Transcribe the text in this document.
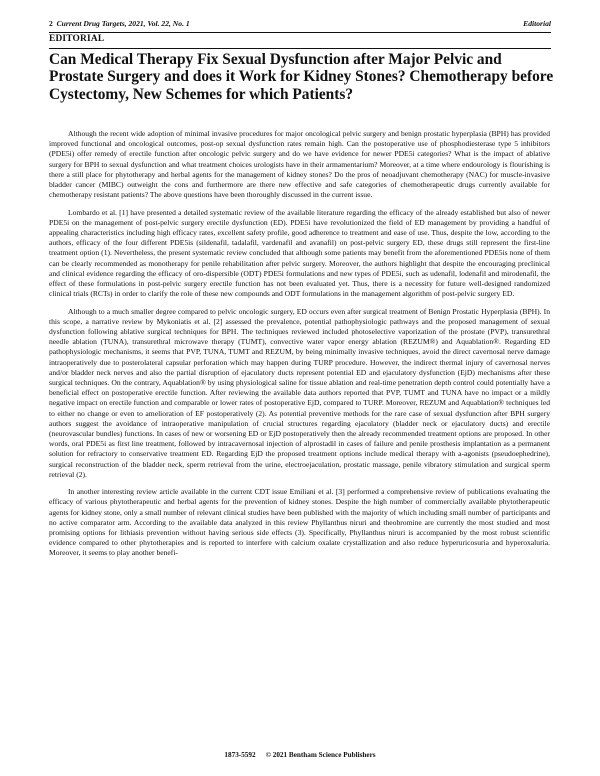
2 Current Drug Targets, 2021, Vol. 22, No. 1	Editorial
EDITORIAL
Can Medical Therapy Fix Sexual Dysfunction after Major Pelvic and Prostate Surgery and does it Work for Kidney Stones? Chemotherapy before Cystectomy, New Schemes for which Patients?

Although the recent wide adoption of minimal invasive procedures for major oncological pelvic surgery and benign prostatic hyperplasia (BPH) has provided improved functional and oncological outcomes, post-op sexual dysfunction rates remain high. Can the postoperative use of phosphodiesterase type 5 inhibitors (PDE5i) offer remedy of erectile function after oncologic pelvic surgery and do we have evidence for newer PDE5i categories? What is the impact of ablative surgery for BPH to sexual dysfunction and what treatment choices urologists have in their armamentarium? Moreover, at a time where endourology is flourishing is there a still place for phytotherapy and herbal agents for the management of kidney stones? Do the pros of neoadjuvant chemotherapy (NAC) for muscle-invasive bladder cancer (MIBC) outweight the cons and furthermore are there new effective and safe categories of chemotherapeutic drugs currently available for chemotherapy resistant patients? The above questions have been thoroughly discussed in the current issue.

Lombardo et al. [1] have presented a detailed systematic review of the available literature regarding the efficacy of the already established but also of newer PDE5i on the management of post-pelvic surgery erectile dysfunction (ED). PDE5i have revolutionized the field of ED management by providing a handful of appealing characteristics including high efficacy rates, excellent safety profile, good adherence to treatment and ease of use. Thus, despite the low, according to the authors, efficacy of the four different PDE5is (sildenafil, tadalafil, vardenafil and avanafil) on post-pelvic surgery ED, these drugs still represent the first-line treatment option (1). Nevertheless, the present systematic review concluded that although some patients may benefit from the aforementioned PDE5is none of them can be clearly recommended as monotherapy for penile rehabilitation after pelvic surgery. Moreover, the authors highlight that despite the encouraging preclinical and clinical evidence regarding the efficacy of oro-dispersible (ODT) PDE5i formulations and new types of PDE5i, such as udenafil, lodenafil and mirodenafil, the effect of these formulations in post-pelvic surgery erectile function has not been evaluated yet. Thus, there is a necessity for future well-designed randomized clinical trials (RCTs) in order to clarify the role of these new compounds and ODT formulations in the management algorithm of post-pelvic surgery ED.

Although to a much smaller degree compared to pelvic oncologic surgery, ED occurs even after surgical treatment of Benign Prostatic Hyperplasia (BPH). In this scope, a narrative review by Mykoniatis et al. [2] assessed the prevalence, potential pathophysiologic pathways and the proposed management of sexual dysfunction following ablative surgical techniques for BPH. The techniques reviewed included photoselective vaporization of the prostate (PVP), transurethral needle ablation (TUNA), transurethral microwave therapy (TUMT), convective water vapor energy ablation (REZUM®) and Aquablation®. Regarding ED pathophysiologic mechanisms, it seems that PVP, TUNA, TUMT and REZUM, by being minimally invasive techniques, avoid the direct cavernosal nerve damage intraoperatively due to posterolateral capsular perforation which may happen during TURP procedure. However, the indirect thermal injury of cavernosal nerves and/or bladder neck nerves and also the partial disruption of ejaculatory ducts represent potential ED and ejaculatory dysfunction (EjD) mechanisms after these surgical techniques. On the contrary, Aquablation® by using physiological saline for tissue ablation and real-time penetration depth control could potentially have a beneficial effect on postoperative erectile function. After reviewing the available data authors reported that PVP, TUMT and TUNA have no impact or a mildly negative impact on erectile function and comparable or lower rates of postoperative EjD, compared to TURP. Moreover, REZUM and Aquablation® techniques led to either no change or even to amelioration of EF postoperatively (2). As potential preventive methods for the rare case of sexual dysfunction after BPH surgery authors suggest the avoidance of intraoperative manipulation of crucial structures regarding ejaculatory (bladder neck or ejaculatory ducts) and erectile (neurovascular bundles) functions. In cases of new or worsening ED or EjD postoperatively then the already recommended treatment options are proposed. In other words, oral PDE5i as first line treatment, followed by intracavernosal injection of alprostadil in cases of failure and penile prosthesis implantation as a permanent solution for refractory to conservative treatment ED. Regarding EjD the proposed treatment options include medical therapy with a-agonists (pseudoephedrine), surgical reconstruction of the bladder neck, sperm retrieval from the urine, electroejaculation, prostatic massage, penile vibratory stimulation and surgical sperm retrieval (2).

In another interesting review article available in the current CDT issue Emiliani et al. [3] performed a comprehensive review of publications evaluating the efficacy of various phytotherapeutic and herbal agents for the prevention of kidney stones. Despite the high number of commercially available phytotherapeutic agents for kidney stone, only a small number of relevant clinical studies have been published with the majority of which including small number of participants and no active comparator arm. According to the available data analyzed in this review Phyllanthus niruri and theobromine are currently the most studied and most promising options for lithiasis prevention without having serious side effects (3). Specifically, Phyllanthus niruri is accompanied by the most robust scientific evidence compared to other phytotherapies and is reported to interfere with calcium oxalate crystallization and also reduce hyperuricosuria and hyperoxaluria. Moreover, it seems to play another benefi-

1873-5592 © 2021 Bentham Science Publishers
